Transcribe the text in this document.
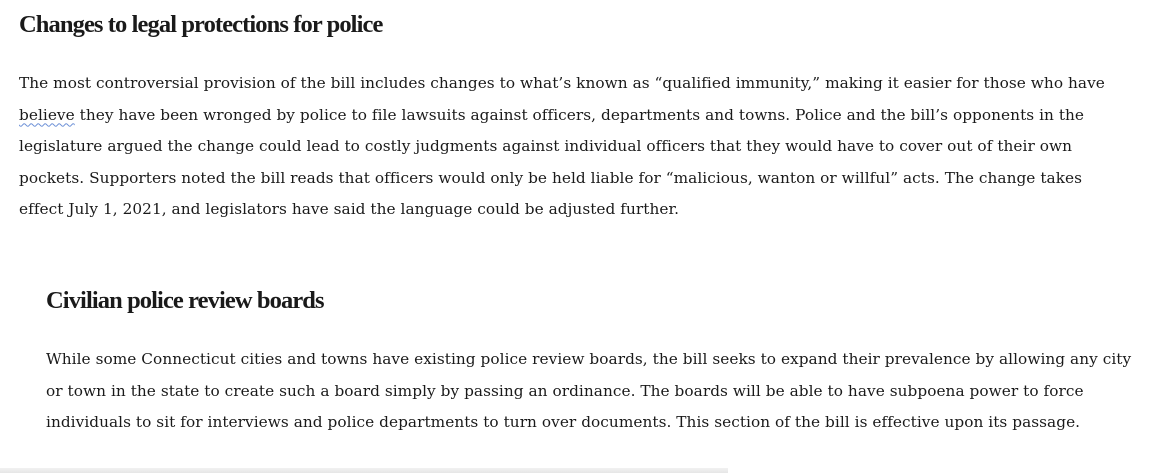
Changes to legal protections for police

The most controversial provision of the bill includes changes to what’s known as “qualified immunity,” making it easier for those who have believe they have been wronged by police to file lawsuits against officers, departments and towns. Police and the bill’s opponents in the legislature argued the change could lead to costly judgments against individual officers that they would have to cover out of their own pockets. Supporters noted the bill reads that officers would only be held liable for “malicious, wanton or willful” acts. The change takes effect July 1, 2021, and legislators have said the language could be adjusted further.

Civilian police review boards

While some Connecticut cities and towns have existing police review boards, the bill seeks to expand their prevalence by allowing any city or town in the state to create such a board simply by passing an ordinance. The boards will be able to have subpoena power to force individuals to sit for interviews and police departments to turn over documents. This section of the bill is effective upon its passage.
